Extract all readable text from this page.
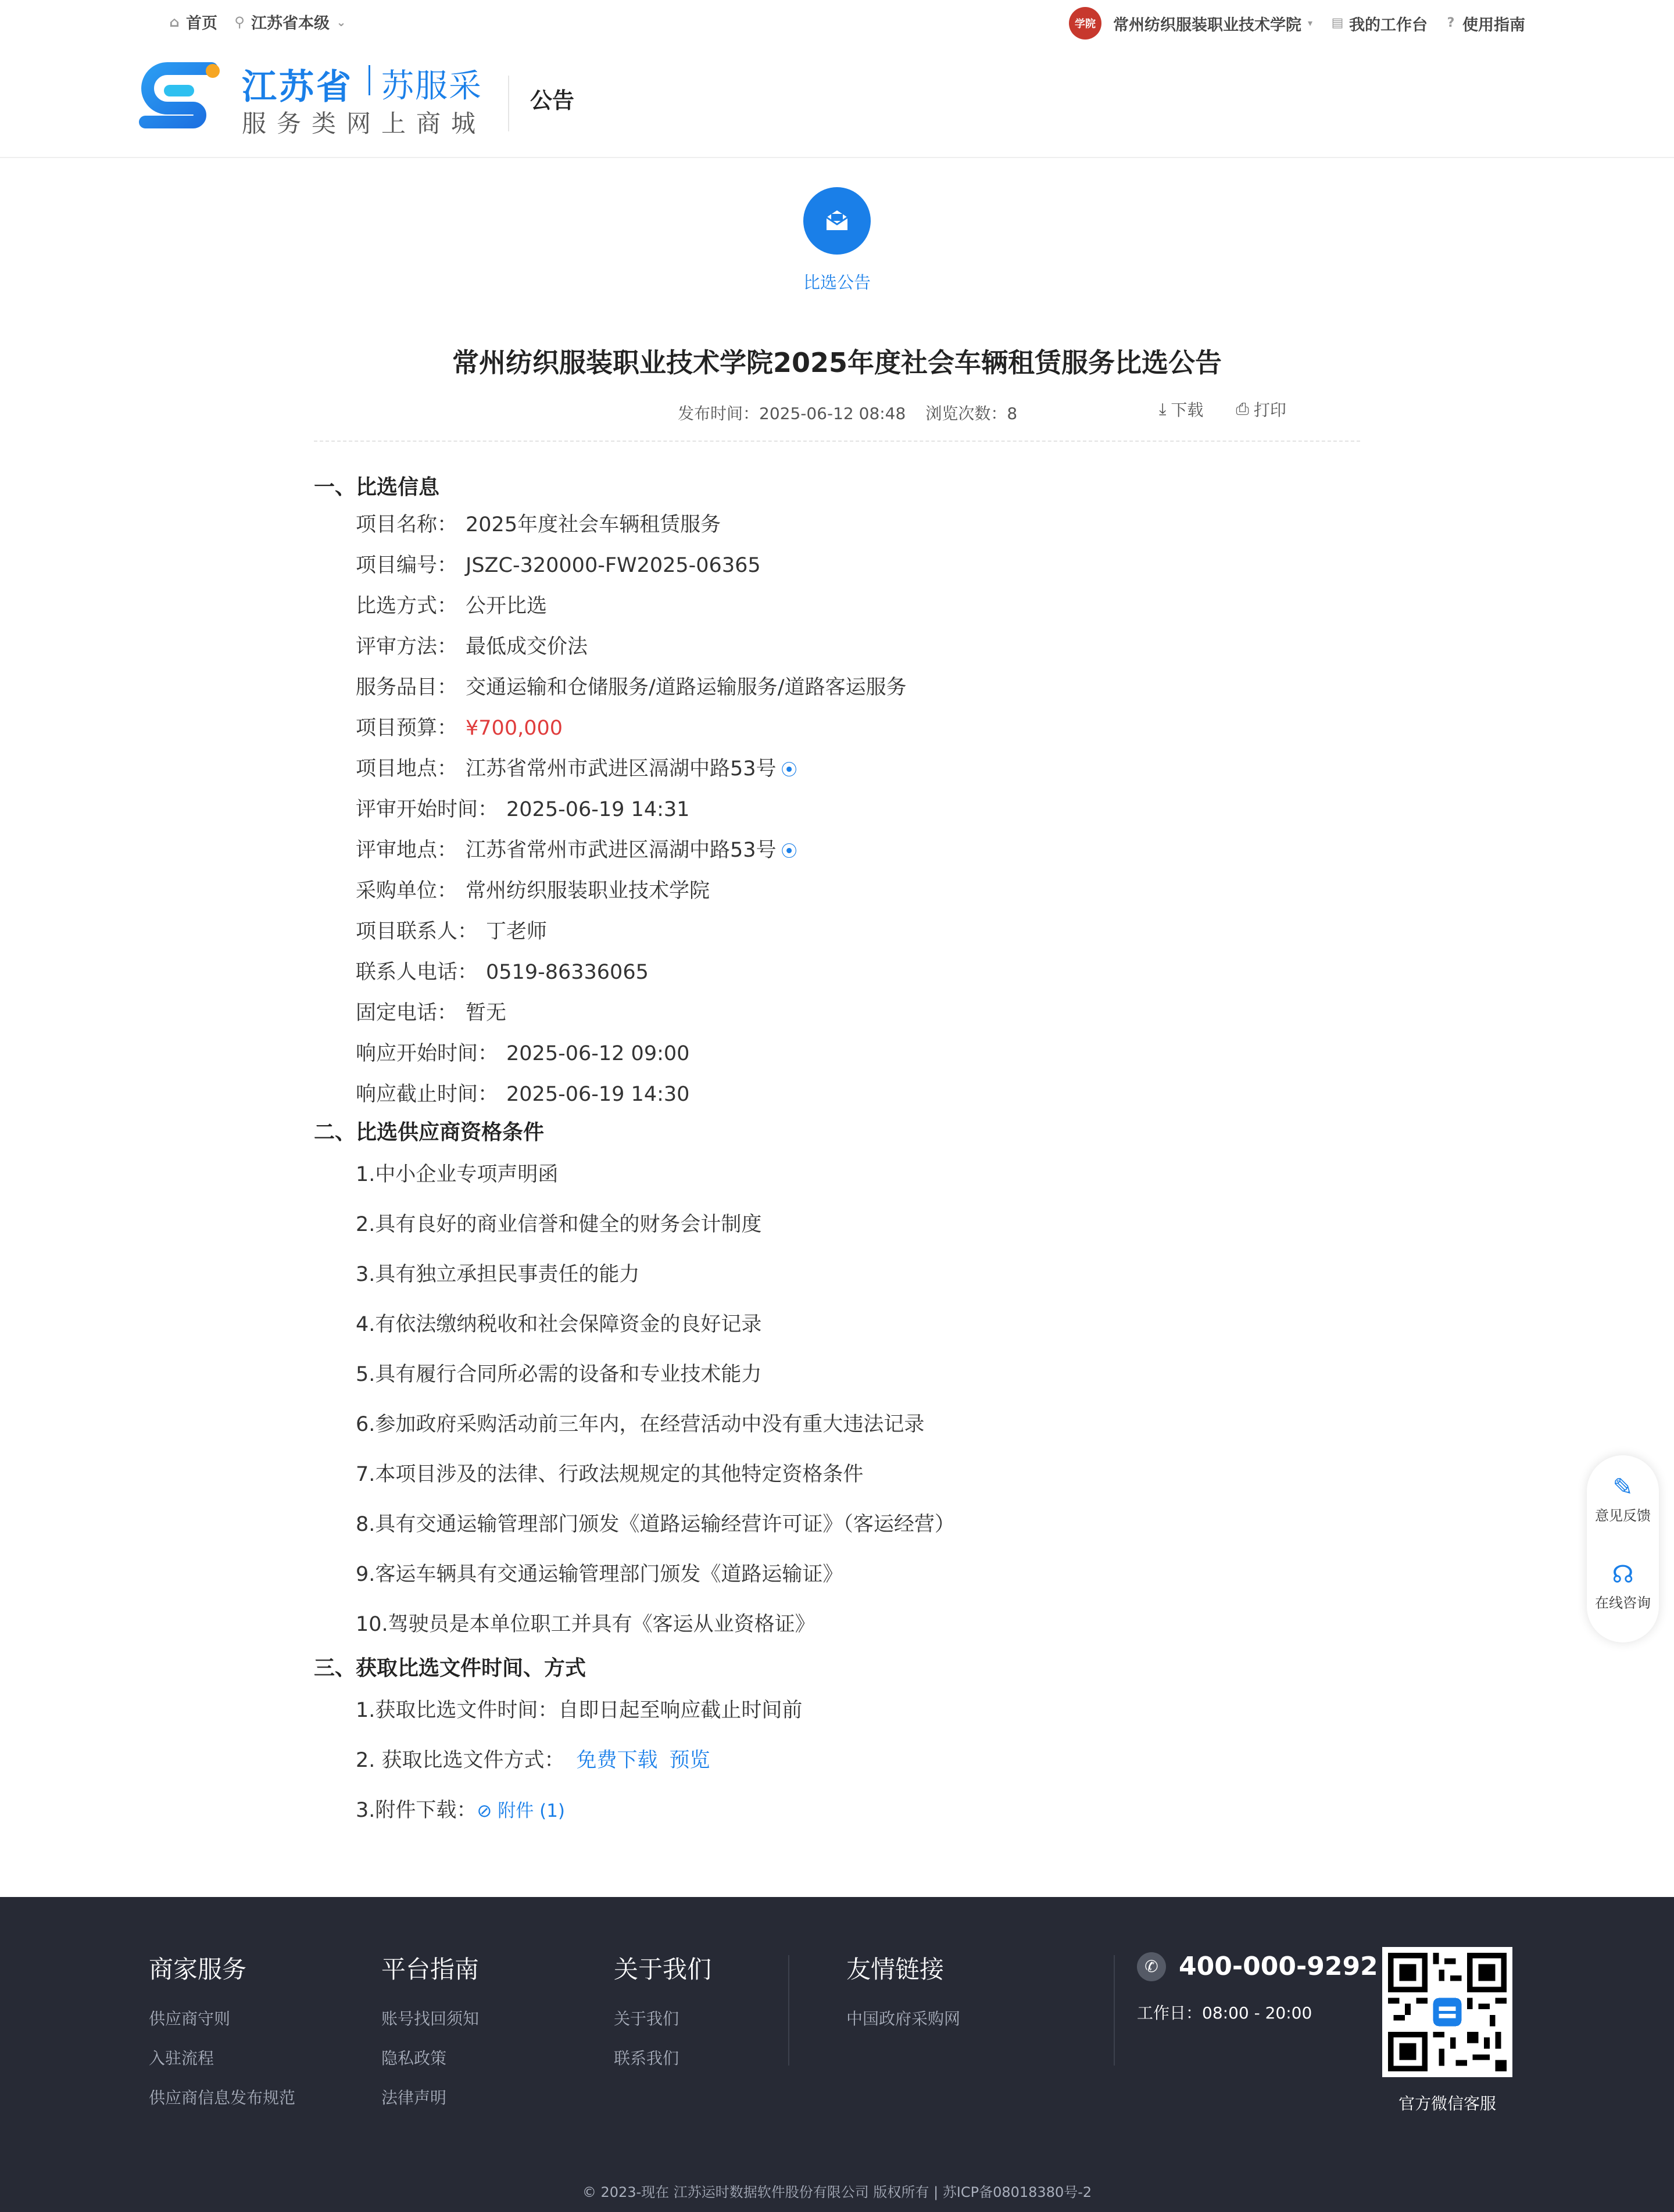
⌂ 首页 ⚲ 江苏省本级 ⌄	学院	常州纺织服装职业技术学院 ▾ ▤ 我的工作台 ? 使用指南
江苏省 苏服采
服务类网上商城
公告
比选公告
常州纺织服装职业技术学院2025年度社会车辆租赁服务比选公告
发布时间：2025-06-12 08:48 浏览次数：8	⤓ 下载 ⎙ 打印
一、比选信息
项目名称： 2025年度社会车辆租赁服务
项目编号： JSZC-320000-FW2025-06365
比选方式： 公开比选
评审方法： 最低成交价法
服务品目： 交通运输和仓储服务/道路运输服务/道路客运服务
项目预算： ¥700,000
项目地点： 江苏省常州市武进区滆湖中路53号 ⦿
评审开始时间： 2025-06-19 14:31
评审地点： 江苏省常州市武进区滆湖中路53号 ⦿
采购单位： 常州纺织服装职业技术学院
项目联系人： 丁老师
联系人电话： 0519-86336065
固定电话： 暂无
响应开始时间： 2025-06-12 09:00
响应截止时间： 2025-06-19 14:30
二、比选供应商资格条件
1.中小企业专项声明函
2.具有良好的商业信誉和健全的财务会计制度
3.具有独立承担民事责任的能力
4.有依法缴纳税收和社会保障资金的良好记录
5.具有履行合同所必需的设备和专业技术能力
6.参加政府采购活动前三年内，在经营活动中没有重大违法记录
7.本项目涉及的法律、行政法规规定的其他特定资格条件
8.具有交通运输管理部门颁发《道路运输经营许可证》（客运经营）
9.客运车辆具有交通运输管理部门颁发《道路运输证》
10.驾驶员是本单位职工并具有《客运从业资格证》
三、获取比选文件时间、方式
1.获取比选文件时间：自即日起至响应截止时间前
2. 获取比选文件方式： 免费下载 预览
3.附件下载：⊘ 附件 (1)
✎
意见反馈
☊
在线咨询
商家服务
供应商守则
入驻流程
供应商信息发布规范
平台指南
账号找回须知
隐私政策
法律声明
关于我们
关于我们
联系我们
友情链接
中国政府采购网
✆ 400-000-9292
工作日：08:00 - 20:00
官方微信客服
© 2023-现在 江苏运时数据软件股份有限公司 版权所有 | 苏ICP备08018380号-2
